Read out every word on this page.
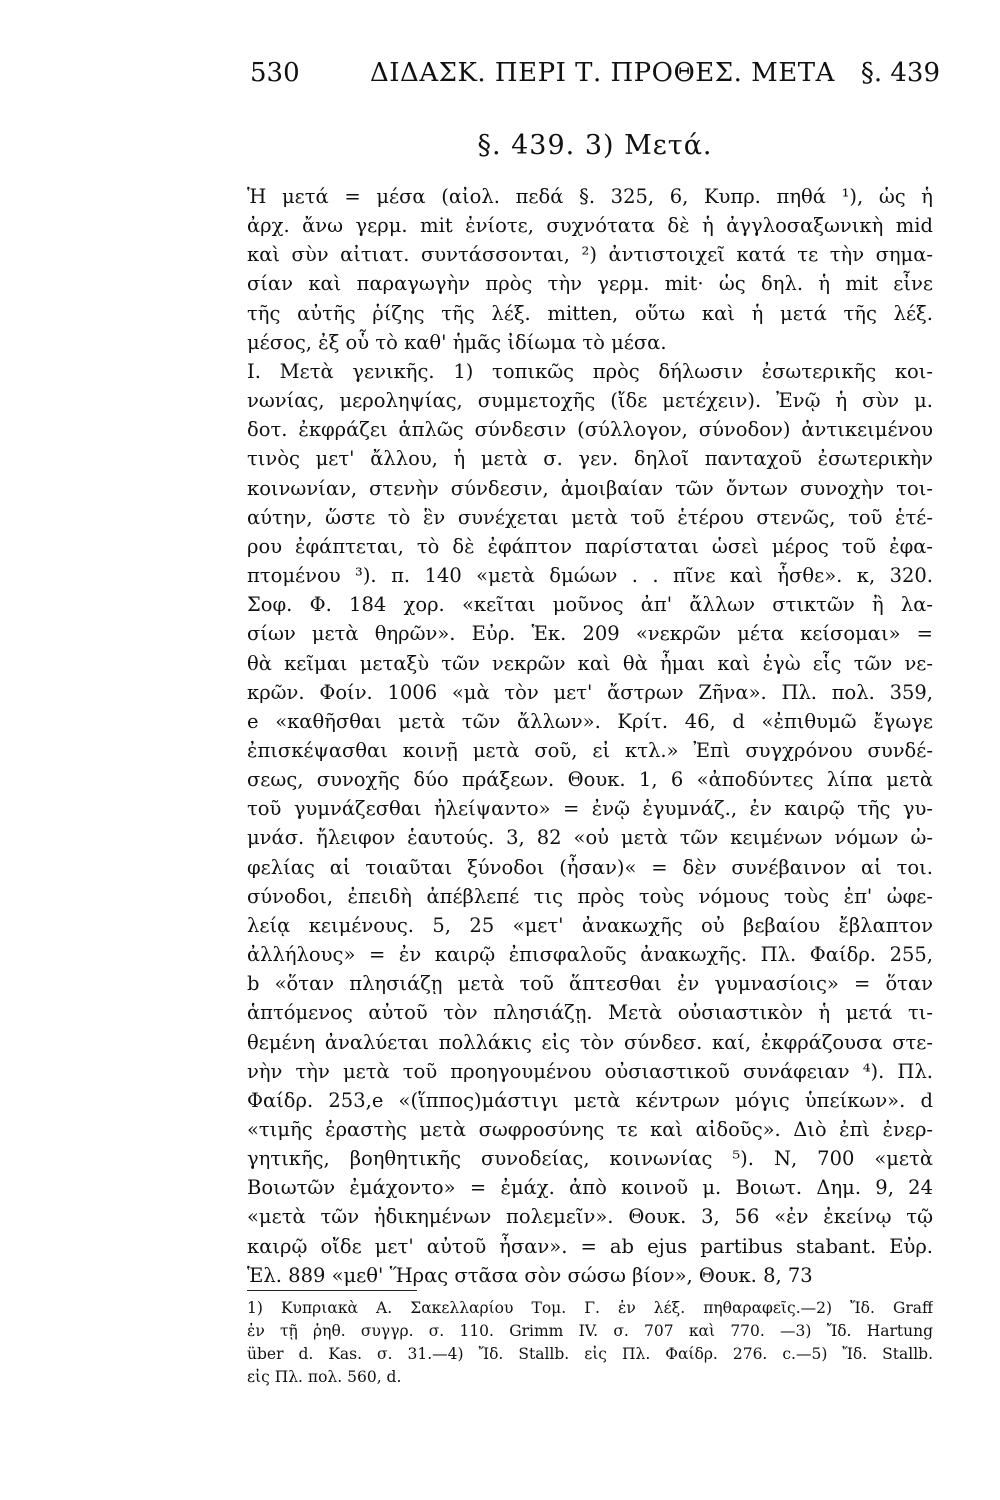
530	ΔΙΔΑΣΚ. ΠΕΡΙ Τ. ΠΡΟΘΕΣ. ΜΕΤΑ §. 439
§. 439. 3) Μετά.
Ἡ μετά = μέσα (αἰολ. πεδά §. 325, 6, Κυπρ. πηθά ¹), ὡς ἡ
ἀρχ. ἄνω γερμ. mit ἐνίοτε, συχνότατα δὲ ἡ ἀγγλοσαξωνικὴ mid
καὶ σὺν αἰτιατ. συντάσσονται, ²) ἀντιστοιχεῖ κατά τε τὴν σημα-
σίαν καὶ παραγωγὴν πρὸς τὴν γερμ. mit· ὡς δηλ. ἡ mit εἶνε
τῆς αὐτῆς ῥίζης τῆς λέξ. mitten, οὕτω καὶ ἡ μετά τῆς λέξ.
μέσος, ἐξ οὗ τὸ καθ' ἡμᾶς ἰδίωμα τὸ μέσα.
Ι. Μετὰ γενικῆς. 1) τοπικῶς πρὸς δήλωσιν ἐσωτερικῆς κοι-
νωνίας, μεροληψίας, συμμετοχῆς (ἴδε μετέχειν). Ἐνῷ ἡ σὺν μ.
δοτ. ἐκφράζει ἁπλῶς σύνδεσιν (σύλλογον, σύνοδον) ἀντικειμένου
τινὸς μετ' ἄλλου, ἡ μετὰ σ. γεν. δηλοῖ πανταχοῦ ἐσωτερικὴν
κοινωνίαν, στενὴν σύνδεσιν, ἀμοιβαίαν τῶν ὄντων συνοχὴν τοι-
αύτην, ὥστε τὸ ἓν συνέχεται μετὰ τοῦ ἑτέρου στενῶς, τοῦ ἑτέ-
ρου ἐφάπτεται, τὸ δὲ ἐφάπτον παρίσταται ὡσεὶ μέρος τοῦ ἐφα-
πτομένου ³). π. 140 «μετὰ δμώων . . πῖνε καὶ ἧσθε». κ, 320.
Σοφ. Φ. 184 χορ. «κεῖται μοῦνος ἀπ' ἄλλων στικτῶν ἢ λα-
σίων μετὰ θηρῶν». Εὐρ. Ἑκ. 209 «νεκρῶν μέτα κείσομαι» =
θὰ κεῖμαι μεταξὺ τῶν νεκρῶν καὶ θὰ ἦμαι καὶ ἐγὼ εἷς τῶν νε-
κρῶν. Φοίν. 1006 «μὰ τὸν μετ' ἄστρων Ζῆνα». Πλ. πολ. 359,
e «καθῆσθαι μετὰ τῶν ἄλλων». Κρίτ. 46, d «ἐπιθυμῶ ἔγωγε
ἐπισκέψασθαι κοινῇ μετὰ σοῦ, εἰ κτλ.» Ἐπὶ συγχρόνου συνδέ-
σεως, συνοχῆς δύο πράξεων. Θουκ. 1, 6 «ἀποδύντες λίπα μετὰ
τοῦ γυμνάζεσθαι ἠλείψαντο» = ἐνῷ ἐγυμνάζ., ἐν καιρῷ τῆς γυ-
μνάσ. ἤλειφον ἑαυτούς. 3, 82 «οὐ μετὰ τῶν κειμένων νόμων ὠ-
φελίας αἱ τοιαῦται ξύνοδοι (ἦσαν)« = δὲν συνέβαινον αἱ τοι.
σύνοδοι, ἐπειδὴ ἀπέβλεπέ τις πρὸς τοὺς νόμους τοὺς ἐπ' ὠφε-
λείᾳ κειμένους. 5, 25 «μετ' ἀνακωχῆς οὐ βεβαίου ἔβλαπτον
ἀλλήλους» = ἐν καιρῷ ἐπισφαλοῦς ἀνακωχῆς. Πλ. Φαίδρ. 255,
b «ὅταν πλησιάζῃ μετὰ τοῦ ἅπτεσθαι ἐν γυμνασίοις» = ὅταν
ἁπτόμενος αὐτοῦ τὸν πλησιάζῃ. Μετὰ οὐσιαστικὸν ἡ μετά τι-
θεμένη ἀναλύεται πολλάκις εἰς τὸν σύνδεσ. καί, ἐκφράζουσα στε-
νὴν τὴν μετὰ τοῦ προηγουμένου οὐσιαστικοῦ συνάφειαν ⁴). Πλ.
Φαίδρ. 253,e «(ἵππος)μάστιγι μετὰ κέντρων μόγις ὑπείκων». d
«τιμῆς ἐραστὴς μετὰ σωφροσύνης τε καὶ αἰδοῦς». Διὸ ἐπὶ ἐνερ-
γητικῆς, βοηθητικῆς συνοδείας, κοινωνίας ⁵). Ν, 700 «μετὰ
Βοιωτῶν ἐμάχοντο» = ἐμάχ. ἀπὸ κοινοῦ μ. Βοιωτ. Δημ. 9, 24
«μετὰ τῶν ἠδικημένων πολεμεῖν». Θουκ. 3, 56 «ἐν ἐκείνῳ τῷ
καιρῷ οἴδε μετ' αὐτοῦ ἦσαν». = ab ejus partibus stabant. Εὐρ.
Ἑλ. 889 «μεθ' Ἥρας στᾶσα σὸν σώσω βίον», Θουκ. 8, 73
1) Κυπριακὰ Α. Σακελλαρίου Τομ. Γ. ἐν λέξ. πηθαραφεῖς.—2) Ἴδ. Graff
ἐν τῇ ῥηθ. συγγρ. σ. 110. Grimm IV. σ. 707 καὶ 770. —3) Ἴδ. Hartung
über d. Kas. σ. 31.—4) Ἴδ. Stallb. εἰς Πλ. Φαίδρ. 276. c.—5) Ἴδ. Stallb.
εἰς Πλ. πολ. 560, d.
